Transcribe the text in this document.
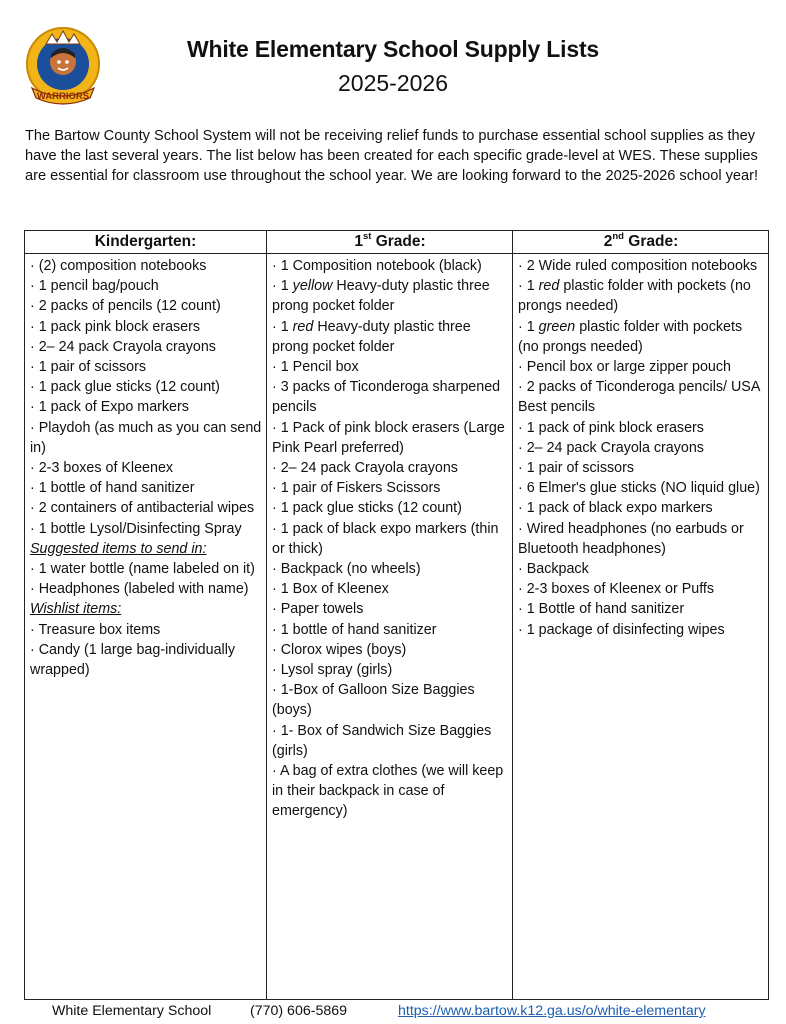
WARRIORS
White Elementary School Supply Lists
2025-2026
The Bartow County School System will not be receiving relief funds to purchase essential school supplies as they have the last several years. The list below has been created for each specific grade-level at WES. These supplies are essential for classroom use throughout the school year. We are looking forward to the 2025-2026 school year!
Kindergarten:
· (2) composition notebooks
· 1 pencil bag/pouch
· 2 packs of pencils (12 count)
· 1 pack pink block erasers
· 2– 24 pack Crayola crayons
· 1 pair of scissors
· 1 pack glue sticks (12 count)
· 1 pack of Expo markers
· Playdoh (as much as you can send in)
· 2-3 boxes of Kleenex
· 1 bottle of hand sanitizer
· 2 containers of antibacterial wipes
· 1 bottle Lysol/Disinfecting Spray
Suggested items to send in:
· 1 water bottle (name labeled on it)
· Headphones (labeled with name)
Wishlist items:
· Treasure box items
· Candy (1 large bag-individually wrapped)
1st Grade:
· 1 Composition notebook (black)
· 1 yellow Heavy-duty plastic three prong pocket folder
· 1 red Heavy-duty plastic three prong pocket folder
· 1 Pencil box
· 3 packs of Ticonderoga sharpened pencils
· 1 Pack of pink block erasers (Large Pink Pearl preferred)
· 2– 24 pack Crayola crayons
· 1 pair of Fiskers Scissors
· 1 pack glue sticks (12 count)
· 1 pack of black expo markers (thin or thick)
· Backpack (no wheels)
· 1 Box of Kleenex
· Paper towels
· 1 bottle of hand sanitizer
· Clorox wipes (boys)
· Lysol spray (girls)
· 1-Box of Galloon Size Baggies (boys)
· 1- Box of Sandwich Size Baggies (girls)
· A bag of extra clothes (we will keep in their backpack in case of emergency)
2nd Grade:
· 2 Wide ruled composition notebooks
· 1 red plastic folder with pockets (no prongs needed)
· 1 green plastic folder with pockets (no prongs needed)
· Pencil box or large zipper pouch
· 2 packs of Ticonderoga pencils/ USA Best pencils
· 1 pack of pink block erasers
· 2– 24 pack Crayola crayons
· 1 pair of scissors
· 6 Elmer's glue sticks (NO liquid glue)
· 1 pack of black expo markers
· Wired headphones (no earbuds or Bluetooth headphones)
· Backpack
· 2-3 boxes of Kleenex or Puffs
· 1 Bottle of hand sanitizer
· 1 package of disinfecting wipes
White Elementary School	(770) 606-5869	https://www.bartow.k12.ga.us/o/white-elementary
